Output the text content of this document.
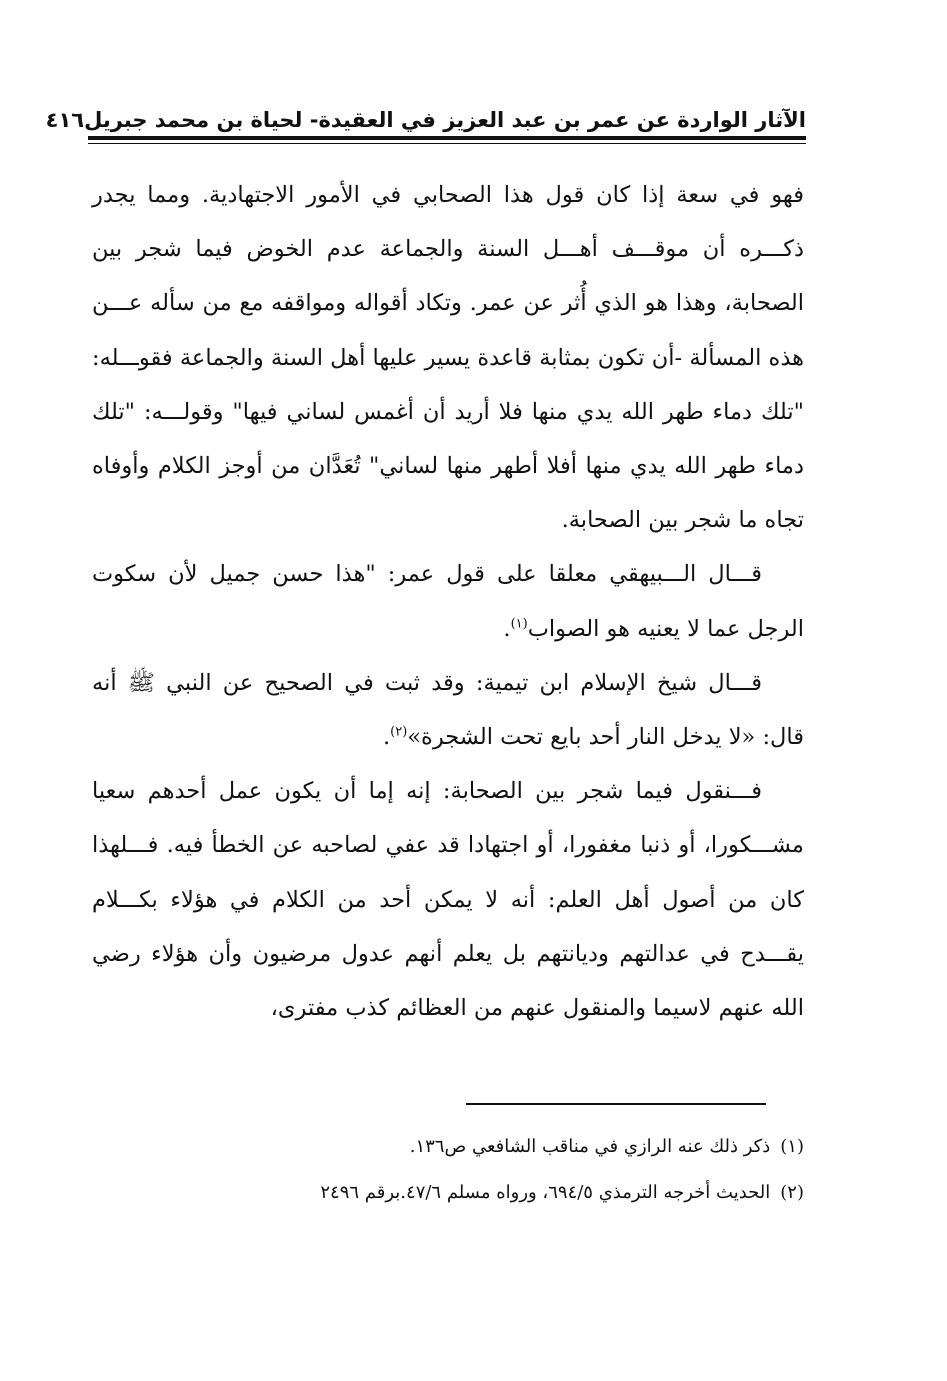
الآثار الواردة عن عمر بن عبد العزيز في العقيدة- لحياة بن محمد جبريل
٤١٦

فهو في سعة إذا كان قول هذا الصحابي في الأمور الاجتهادية. ومما يجدر ذكـــره أن موقـــف أهـــل السنة والجماعة عدم الخوض فيما شجر بين الصحابة، وهذا هو الذي أُثر عن عمر. وتكاد أقواله ومواقفه مع من سأله عـــن هذه المسألة -أن تكون بمثابة قاعدة يسير عليها أهل السنة والجماعة فقوـــله: "تلك دماء طهر الله يدي منها فلا أريد أن أغمس لساني فيها" وقولـــه: "تلك دماء طهر الله يدي منها أفلا أطهر منها لساني" تُعَدَّان من أوجز الكلام وأوفاه تجاه ما شجر بين الصحابة.

قـــال الـــبيهقي معلقا على قول عمر: "هذا حسن جميل لأن سكوت الرجل عما لا يعنيه هو الصواب$^{(١)}$.

قـــال شيخ الإسلام ابن تيمية: وقد ثبت في الصحيح عن النبي ﷺ أنه قال: «لا يدخل النار أحد بايع تحت الشجرة»$^{(٢)}$.

فـــنقول فيما شجر بين الصحابة: إنه إما أن يكون عمل أحدهم سعيا مشـــكورا، أو ذنبا مغفورا، أو اجتهادا قد عفي لصاحبه عن الخطأ فيه. فـــلهذا كان من أصول أهل العلم: أنه لا يمكن أحد من الكلام في هؤلاء بكـــلام يقـــدح في عدالتهم وديانتهم بل يعلم أنهم عدول مرضيون وأن هؤلاء رضي الله عنهم لاسيما والمنقول عنهم من العظائم كذب مفترى،

(١)ذكر ذلك عنه الرازي في مناقب الشافعي ص١٣٦.
(٢)الحديث أخرجه الترمذي ٦٩٤/٥، ورواه مسلم ٤٧/٦.برقم ٢٤٩٦
